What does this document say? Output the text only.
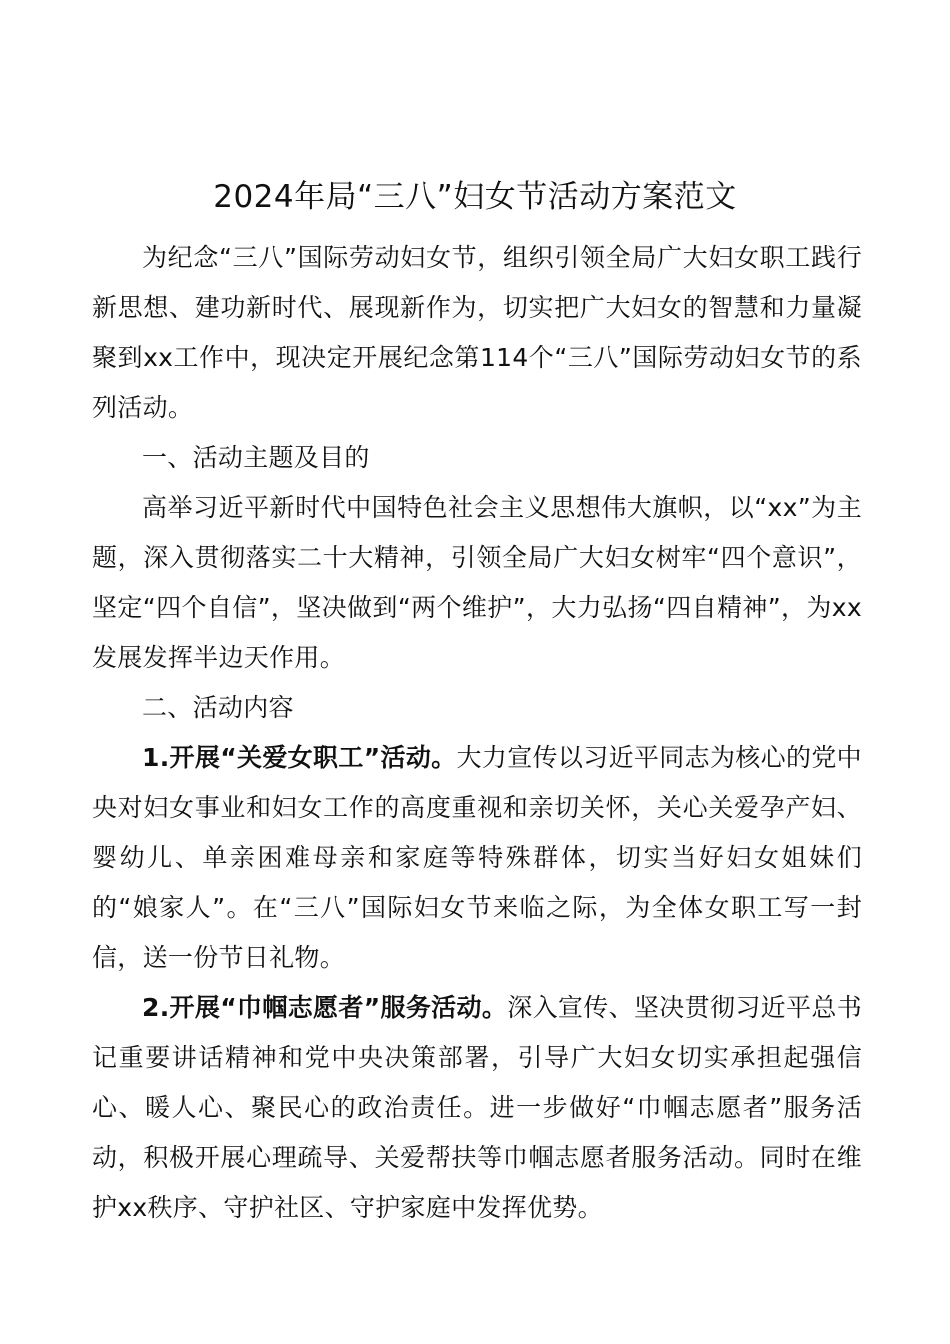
2024年局“三八”妇女节活动方案范文

为纪念“三八”国际劳动妇女节，组织引领全局广大妇女职工践行新思想、建功新时代、展现新作为，切实把广大妇女的智慧和力量凝聚到xx工作中，现决定开展纪念第114个“三八”国际劳动妇女节的系列活动。

一、活动主题及目的

高举习近平新时代中国特色社会主义思想伟大旗帜，以“xx”为主题，深入贯彻落实二十大精神，引领全局广大妇女树牢“四个意识”，坚定“四个自信”，坚决做到“两个维护”，大力弘扬“四自精神”，为xx发展发挥半边天作用。

二、活动内容

1.开展“关爱女职工”活动。大力宣传以习近平同志为核心的党中央对妇女事业和妇女工作的高度重视和亲切关怀，关心关爱孕产妇、婴幼儿、单亲困难母亲和家庭等特殊群体，切实当好妇女姐妹们的“娘家人”。在“三八”国际妇女节来临之际，为全体女职工写一封信，送一份节日礼物。

2.开展“巾帼志愿者”服务活动。深入宣传、坚决贯彻习近平总书记重要讲话精神和党中央决策部署，引导广大妇女切实承担起强信心、暖人心、聚民心的政治责任。进一步做好“巾帼志愿者”服务活动，积极开展心理疏导、关爱帮扶等巾帼志愿者服务活动。同时在维护xx秩序、守护社区、守护家庭中发挥优势。
